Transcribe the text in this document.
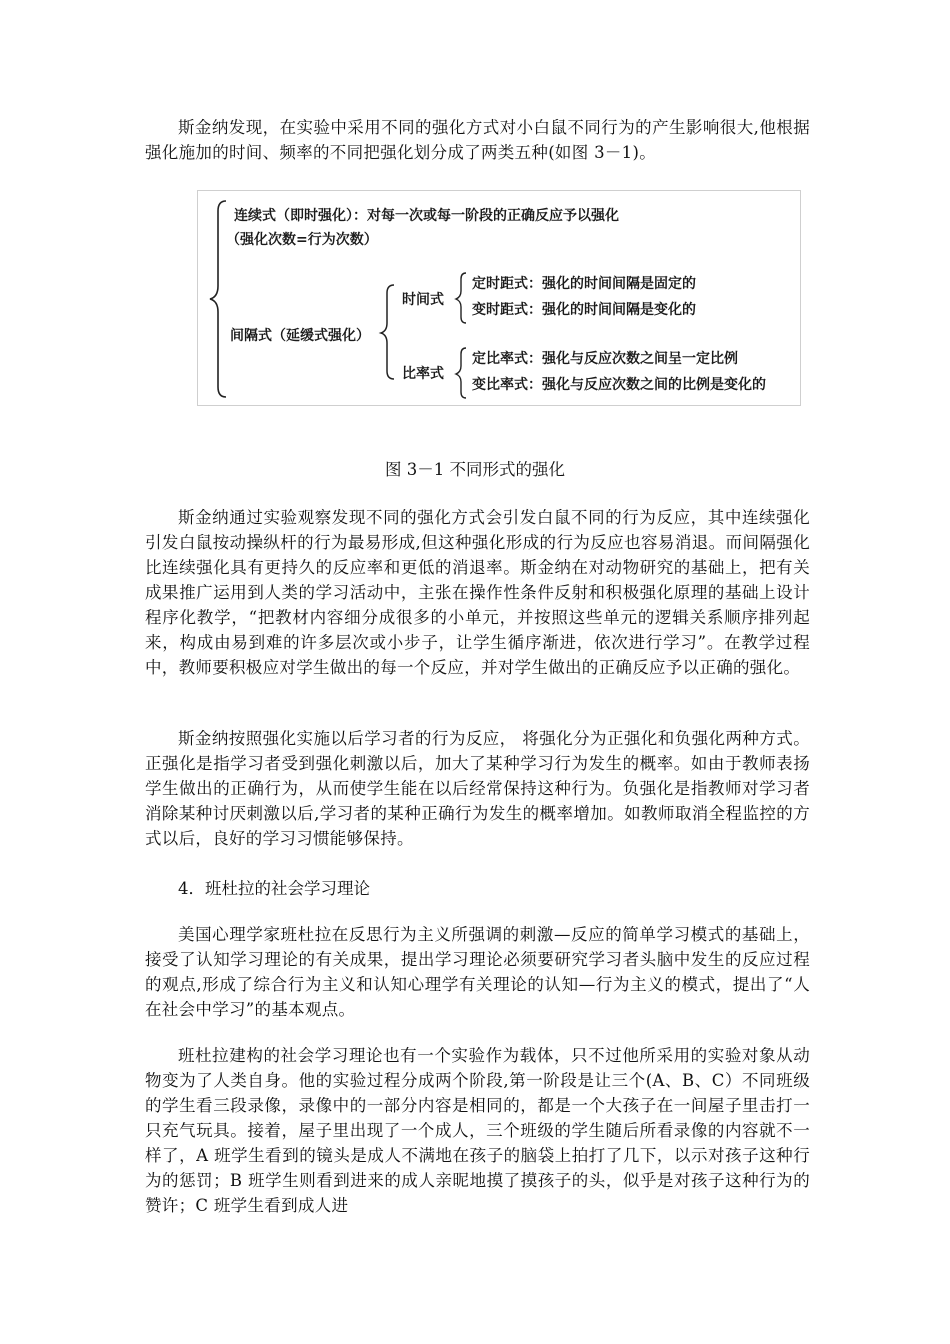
斯金纳发现，在实验中采用不同的强化方式对小白鼠不同行为的产生影响很大,他根据强化施加的时间、频率的不同把强化划分成了两类五种(如图 3－1)。

连续式（即时强化）：对每一次或每一阶段的正确反应予以强化
（强化次数=行为次数）
间隔式（延缓式强化）
时间式
定时距式：强化的时间间隔是固定的
变时距式：强化的时间间隔是变化的
比率式
定比率式：强化与反应次数之间呈一定比例
变比率式：强化与反应次数之间的比例是变化的

图 3－1 不同形式的强化

斯金纳通过实验观察发现不同的强化方式会引发白鼠不同的行为反应，其中连续强化引发白鼠按动操纵杆的行为最易形成,但这种强化形成的行为反应也容易消退。而间隔强化比连续强化具有更持久的反应率和更低的消退率。斯金纳在对动物研究的基础上，把有关成果推广运用到人类的学习活动中，主张在操作性条件反射和积极强化原理的基础上设计程序化教学，“把教材内容细分成很多的小单元，并按照这些单元的逻辑关系顺序排列起来，构成由易到难的许多层次或小步子，让学生循序渐进，依次进行学习”。在教学过程中，教师要积极应对学生做出的每一个反应，并对学生做出的正确反应予以正确的强化。

斯金纳按照强化实施以后学习者的行为反应， 将强化分为正强化和负强化两种方式。正强化是指学习者受到强化刺激以后，加大了某种学习行为发生的概率。如由于教师表扬学生做出的正确行为，从而使学生能在以后经常保持这种行为。负强化是指教师对学习者消除某种讨厌刺激以后,学习者的某种正确行为发生的概率增加。如教师取消全程监控的方式以后，良好的学习习惯能够保持。

4．班杜拉的社会学习理论

美国心理学家班杜拉在反思行为主义所强调的刺激—反应的简单学习模式的基础上，接受了认知学习理论的有关成果，提出学习理论必须要研究学习者头脑中发生的反应过程的观点,形成了综合行为主义和认知心理学有关理论的认知—行为主义的模式，提出了“人在社会中学习”的基本观点。

班杜拉建构的社会学习理论也有一个实验作为载体，只不过他所采用的实验对象从动物变为了人类自身。他的实验过程分成两个阶段,第一阶段是让三个(A、B、C）不同班级的学生看三段录像，录像中的一部分内容是相同的，都是一个大孩子在一间屋子里击打一只充气玩具。接着，屋子里出现了一个成人，三个班级的学生随后所看录像的内容就不一样了，A 班学生看到的镜头是成人不满地在孩子的脑袋上拍打了几下，以示对孩子这种行为的惩罚；B 班学生则看到进来的成人亲昵地摸了摸孩子的头，似乎是对孩子这种行为的赞许；C 班学生看到成人进
